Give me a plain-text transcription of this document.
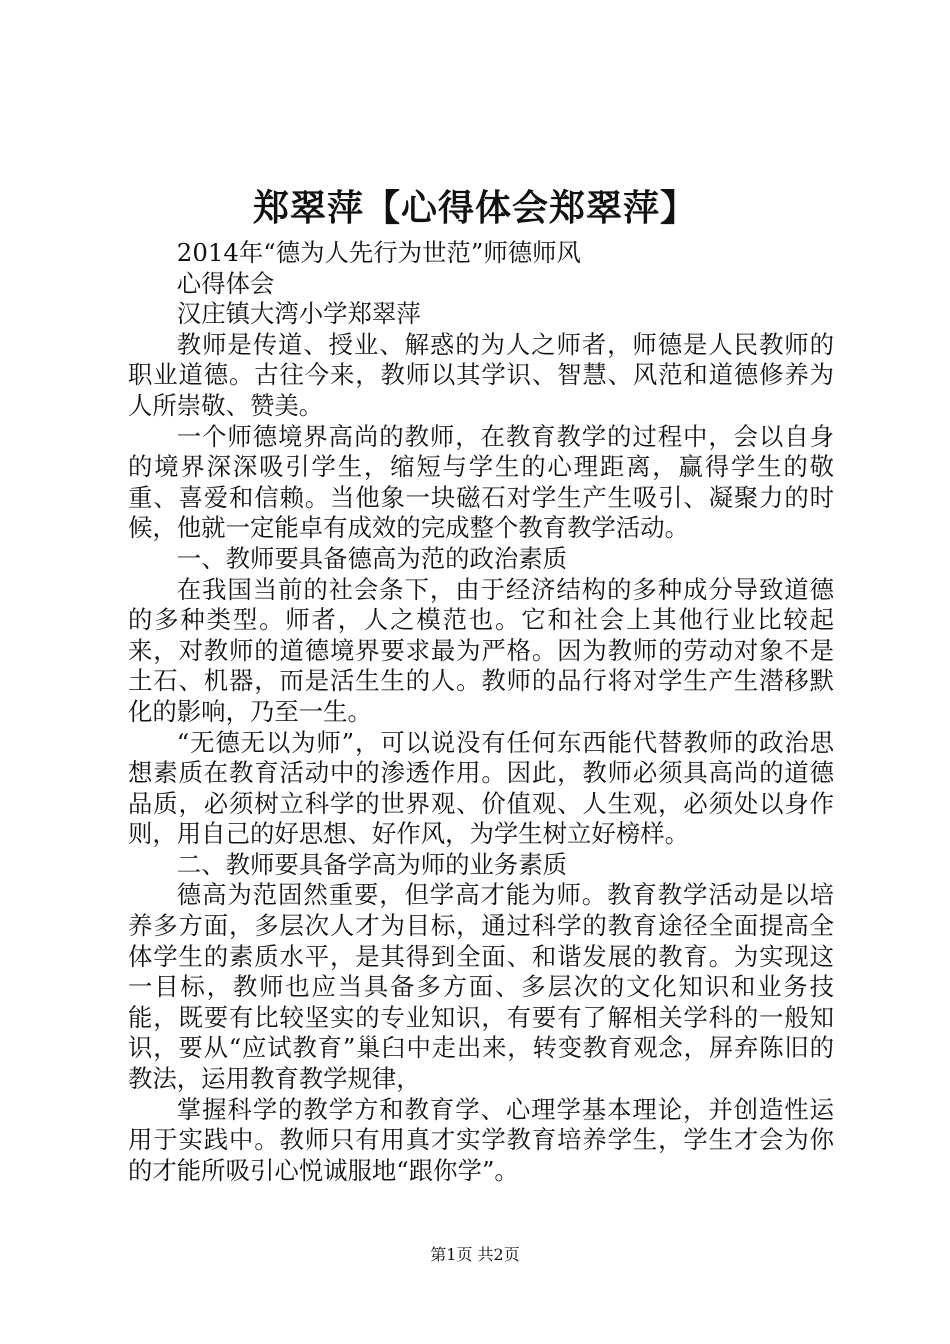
郑翠萍【心得体会郑翠萍】

2014年“德为人先行为世范”师德师风

心得体会

汉庄镇大湾小学郑翠萍

教师是传道、授业、解惑的为人之师者，师德是人民教师的职业道德。古往今来，教师以其学识、智慧、风范和道德修养为人所崇敬、赞美。

一个师德境界高尚的教师，在教育教学的过程中，会以自身的境界深深吸引学生，缩短与学生的心理距离，赢得学生的敬重、喜爱和信赖。当他象一块磁石对学生产生吸引、凝聚力的时候，他就一定能卓有成效的完成整个教育教学活动。

一、教师要具备德高为范的政治素质

在我国当前的社会条下，由于经济结构的多种成分导致道德的多种类型。师者，人之模范也。它和社会上其他行业比较起来，对教师的道德境界要求最为严格。因为教师的劳动对象不是土石、机器，而是活生生的人。教师的品行将对学生产生潜移默化的影响，乃至一生。

“无德无以为师”，可以说没有任何东西能代替教师的政治思想素质在教育活动中的渗透作用。因此，教师必须具高尚的道德品质，必须树立科学的世界观、价值观、人生观，必须处以身作则，用自己的好思想、好作风，为学生树立好榜样。

二、教师要具备学高为师的业务素质

德高为范固然重要，但学高才能为师。教育教学活动是以培养多方面，多层次人才为目标，通过科学的教育途径全面提高全体学生的素质水平，是其得到全面、和谐发展的教育。为实现这一目标，教师也应当具备多方面、多层次的文化知识和业务技能，既要有比较坚实的专业知识，有要有了解相关学科的一般知识，要从“应试教育”巢臼中走出来，转变教育观念，屏弃陈旧的教法，运用教育教学规律，

掌握科学的教学方和教育学、心理学基本理论，并创造性运用于实践中。教师只有用真才实学教育培养学生，学生才会为你的才能所吸引心悦诚服地“跟你学”。

第1页 共2页
